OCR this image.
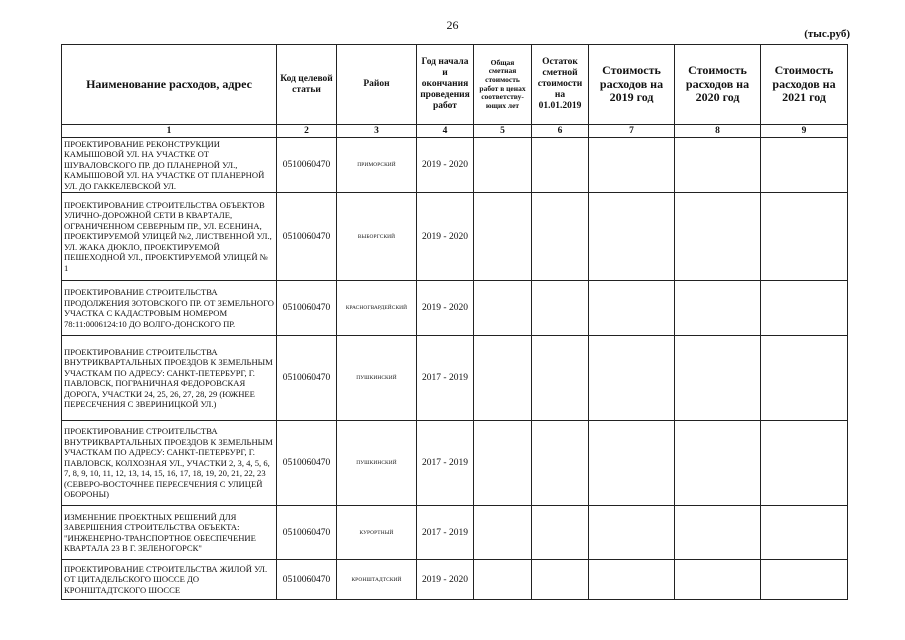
26
(тыс.руб)
Наименование расходов, адрес	Код целевой статьи	Район	Год начала и окончания проведения работ	Общая сметная стоимость работ в ценах соответству-ющих лет	Остаток сметной стоимости на 01.01.2019	Стоимость расходов на 2019 год	Стоимость расходов на 2020 год	Стоимость расходов на 2021 год
1	2	3	4	5	6	7	8	9
ПРОЕКТИРОВАНИЕ РЕКОНСТРУКЦИИ КАМЫШОВОЙ УЛ. НА УЧАСТКЕ ОТ ШУВАЛОВСКОГО ПР. ДО ПЛАНЕРНОЙ УЛ., КАМЫШОВОЙ УЛ. НА УЧАСТКЕ ОТ ПЛАНЕРНОЙ УЛ. ДО ГАККЕЛЕВСКОЙ УЛ.	0510060470	ПРИМОРСКИЙ	2019 - 2020					
ПРОЕКТИРОВАНИЕ СТРОИТЕЛЬСТВА ОБЪЕКТОВ УЛИЧНО-ДОРОЖНОЙ СЕТИ В КВАРТАЛЕ, ОГРАНИЧЕННОМ СЕВЕРНЫМ ПР., УЛ. ЕСЕНИНА, ПРОЕКТИРУЕМОЙ УЛИЦЕЙ №2, ЛИСТВЕННОЙ УЛ., УЛ. ЖАКА ДЮКЛО, ПРОЕКТИРУЕМОЙ ПЕШЕХОДНОЙ УЛ., ПРОЕКТИРУЕМОЙ УЛИЦЕЙ № 1	0510060470	ВЫБОРГСКИЙ	2019 - 2020					
ПРОЕКТИРОВАНИЕ СТРОИТЕЛЬСТВА ПРОДОЛЖЕНИЯ ЗОТОВСКОГО ПР. ОТ ЗЕМЕЛЬНОГО УЧАСТКА С КАДАСТРОВЫМ НОМЕРОМ 78:11:0006124:10 ДО ВОЛГО-ДОНСКОГО ПР.	0510060470	КРАСНОГВАРДЕЙСКИЙ	2019 - 2020					
ПРОЕКТИРОВАНИЕ СТРОИТЕЛЬСТВА ВНУТРИКВАРТАЛЬНЫХ ПРОЕЗДОВ К ЗЕМЕЛЬНЫМ УЧАСТКАМ ПО АДРЕСУ: САНКТ-ПЕТЕРБУРГ, Г. ПАВЛОВСК, ПОГРАНИЧНАЯ ФЕДОРОВСКАЯ ДОРОГА, УЧАСТКИ 24, 25, 26, 27, 28, 29 (ЮЖНЕЕ ПЕРЕСЕЧЕНИЯ С ЗВЕРИНИЦКОЙ УЛ.)	0510060470	ПУШКИНСКИЙ	2017 - 2019					
ПРОЕКТИРОВАНИЕ СТРОИТЕЛЬСТВА ВНУТРИКВАРТАЛЬНЫХ ПРОЕЗДОВ К ЗЕМЕЛЬНЫМ УЧАСТКАМ ПО АДРЕСУ: САНКТ-ПЕТЕРБУРГ, Г. ПАВЛОВСК, КОЛХОЗНАЯ УЛ., УЧАСТКИ 2, 3, 4, 5, 6, 7, 8, 9, 10, 11, 12, 13, 14, 15, 16, 17, 18, 19, 20, 21, 22, 23 (СЕВЕРО-ВОСТОЧНЕЕ ПЕРЕСЕЧЕНИЯ С УЛИЦЕЙ ОБОРОНЫ)	0510060470	ПУШКИНСКИЙ	2017 - 2019					
ИЗМЕНЕНИЕ ПРОЕКТНЫХ РЕШЕНИЙ ДЛЯ ЗАВЕРШЕНИЯ СТРОИТЕЛЬСТВА ОБЪЕКТА: "ИНЖЕНЕРНО-ТРАНСПОРТНОЕ ОБЕСПЕЧЕНИЕ КВАРТАЛА 23 В Г. ЗЕЛЕНОГОРСК"	0510060470	КУРОРТНЫЙ	2017 - 2019					
ПРОЕКТИРОВАНИЕ СТРОИТЕЛЬСТВА ЖИЛОЙ УЛ. ОТ ЦИТАДЕЛЬСКОГО ШОССЕ ДО КРОНШТАДТСКОГО ШОССЕ	0510060470	КРОНШТАДТСКИЙ	2019 - 2020					
